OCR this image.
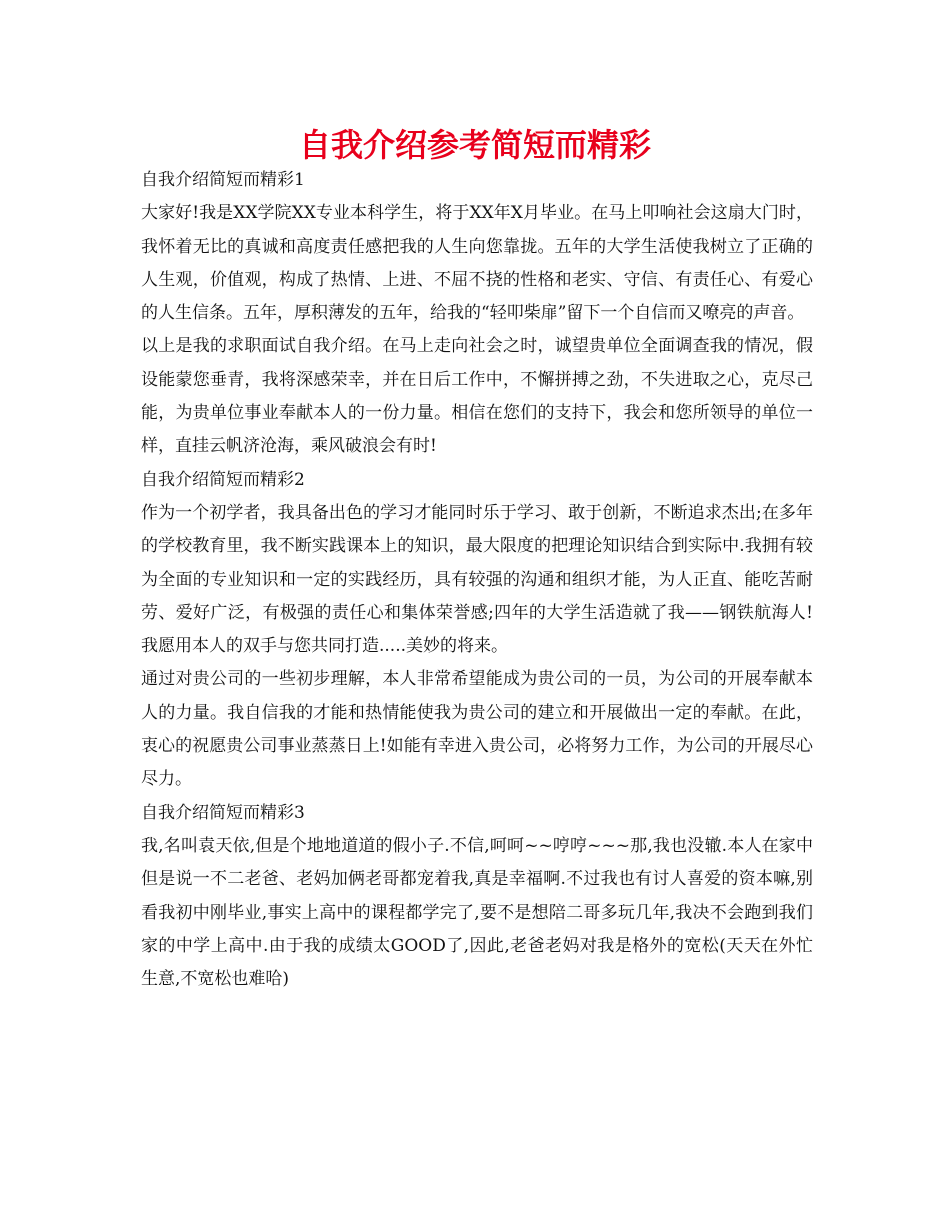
自我介绍参考简短而精彩
自我介绍简短而精彩1

大家好!我是XX学院XX专业本科学生，将于XX年X月毕业。在马上叩响社会这扇大门时，我怀着无比的真诚和高度责任感把我的人生向您靠拢。五年的大学生活使我树立了正确的人生观，价值观，构成了热情、上进、不屈不挠的性格和老实、守信、有责任心、有爱心的人生信条。五年，厚积薄发的五年，给我的“轻叩柴扉”留下一个自信而又嘹亮的声音。

以上是我的求职面试自我介绍。在马上走向社会之时，诚望贵单位全面调查我的情况，假设能蒙您垂青，我将深感荣幸，并在日后工作中，不懈拼搏之劲，不失进取之心，克尽己能，为贵单位事业奉献本人的一份力量。相信在您们的支持下，我会和您所领导的单位一样，直挂云帆济沧海，乘风破浪会有时!

自我介绍简短而精彩2

作为一个初学者，我具备出色的学习才能同时乐于学习、敢于创新，不断追求杰出;在多年的学校教育里，我不断实践课本上的知识，最大限度的把理论知识结合到实际中.我拥有较为全面的专业知识和一定的实践经历，具有较强的沟通和组织才能，为人正直、能吃苦耐劳、爱好广泛，有极强的责任心和集体荣誉感;四年的大学生活造就了我——钢铁航海人!我愿用本人的双手与您共同打造.....美妙的将来。

通过对贵公司的一些初步理解，本人非常希望能成为贵公司的一员，为公司的开展奉献本人的力量。我自信我的才能和热情能使我为贵公司的建立和开展做出一定的奉献。在此，衷心的祝愿贵公司事业蒸蒸日上!如能有幸进入贵公司，必将努力工作，为公司的开展尽心尽力。

自我介绍简短而精彩3

我,名叫袁天依,但是个地地道道的假小子.不信,呵呵~~哼哼~~~那,我也没辙.本人在家中但是说一不二老爸、老妈加俩老哥都宠着我,真是幸福啊.不过我也有讨人喜爱的资本嘛,别看我初中刚毕业,事实上高中的课程都学完了,要不是想陪二哥多玩几年,我决不会跑到我们家的中学上高中.由于我的成绩太GOOD了,因此,老爸老妈对我是格外的宽松(天天在外忙生意,不宽松也难哈)
